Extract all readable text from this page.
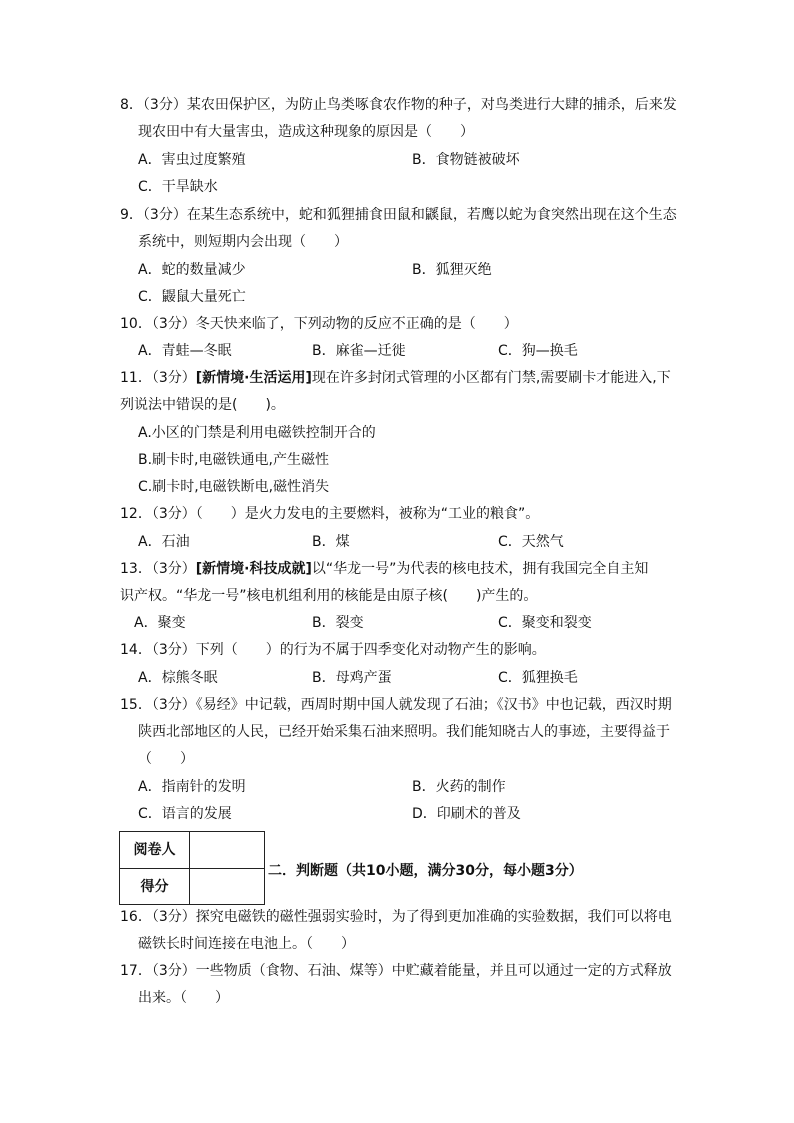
8．（3分）某农田保护区，为防止鸟类啄食农作物的种子，对鸟类进行大肆的捕杀，后来发
现农田中有大量害虫，造成这种现象的原因是（　　）
A．害虫过度繁殖	B．食物链被破坏
C．干旱缺水
9．（3分）在某生态系统中，蛇和狐狸捕食田鼠和鼷鼠，若鹰以蛇为食突然出现在这个生态
系统中，则短期内会出现（　　）
A．蛇的数量减少	B．狐狸灭绝
C．鼹鼠大量死亡
10．（3分）冬天快来临了，下列动物的反应不正确的是（　　）
A．青蛙—冬眠	B．麻雀—迁徙	C．狗—换毛
11．（3分）[新情境·生活运用]现在许多封闭式管理的小区都有门禁,需要刷卡才能进入,下
列说法中错误的是(　　)。
A.小区的门禁是利用电磁铁控制开合的
B.刷卡时,电磁铁通电,产生磁性
C.刷卡时,电磁铁断电,磁性消失
12．（3分）（　　）是火力发电的主要燃料，被称为“工业的粮食”。
A．石油	B．煤	C．天然气
13．（3分）[新情境·科技成就]以“华龙一号”为代表的核电技术，拥有我国完全自主知
识产权。“华龙一号”核电机组利用的核能是由原子核(　　)产生的。
A．聚变	B．裂变	C．聚变和裂变
14．（3分）下列（　　）的行为不属于四季变化对动物产生的影响。
A．棕熊冬眠	B．母鸡产蛋	C．狐狸换毛
15．（3分）《易经》中记载，西周时期中国人就发现了石油；《汉书》中也记载，西汉时期
陕西北部地区的人民，已经开始采集石油来照明。我们能知晓古人的事迹，主要得益于
（　　）
A．指南针的发明	B．火药的制作
C．语言的发展	D．印刷术的普及
阅卷人
得分
二．判断题（共10小题，满分30分，每小题3分）
16．（3分）探究电磁铁的磁性强弱实验时，为了得到更加准确的实验数据，我们可以将电
磁铁长时间连接在电池上。（　　）
17．（3分）一些物质（食物、石油、煤等）中贮藏着能量，并且可以通过一定的方式释放
出来。（　　）
